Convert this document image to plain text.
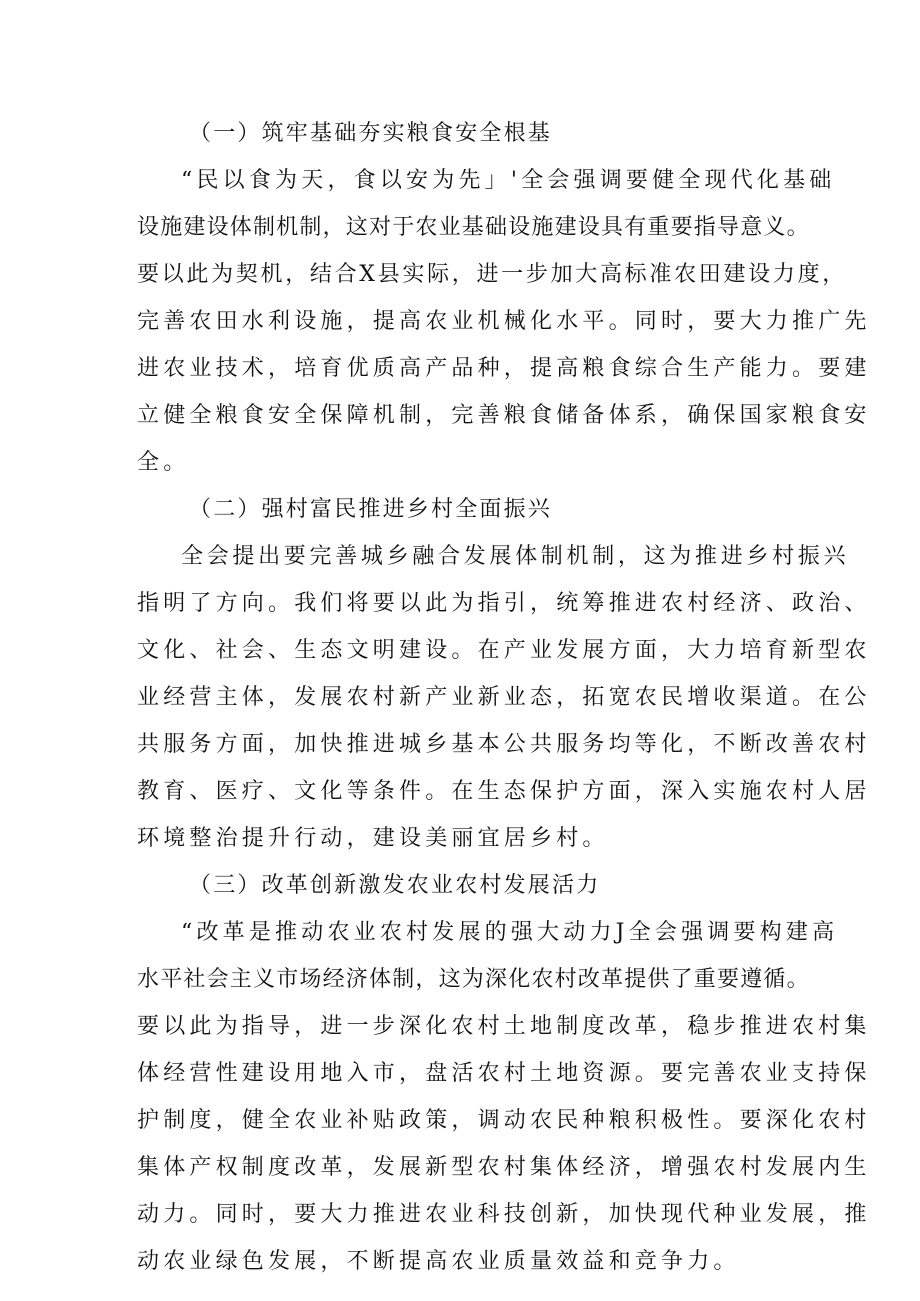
（一）筑牢基础夯实粮食安全根基

“民以食为天，食以安为先」'全会强调要健全现代化基础
设施建设体制机制，这对于农业基础设施建设具有重要指导意义。
要以此为契机，结合X县实际，进一步加大高标准农田建设力度，
完善农田水利设施，提高农业机械化水平。同时，要大力推广先
进农业技术，培育优质高产品种，提高粮食综合生产能力。要建
立健全粮食安全保障机制，完善粮食储备体系，确保国家粮食安
全。

（二）强村富民推进乡村全面振兴

全会提出要完善城乡融合发展体制机制，这为推进乡村振兴
指明了方向。我们将要以此为指引，统筹推进农村经济、政治、
文化、社会、生态文明建设。在产业发展方面，大力培育新型农
业经营主体，发展农村新产业新业态，拓宽农民增收渠道。在公
共服务方面，加快推进城乡基本公共服务均等化，不断改善农村
教育、医疗、文化等条件。在生态保护方面，深入实施农村人居
环境整治提升行动，建设美丽宜居乡村。

（三）改革创新激发农业农村发展活力

“改革是推动农业农村发展的强大动力J全会强调要构建高
水平社会主义市场经济体制，这为深化农村改革提供了重要遵循。
要以此为指导，进一步深化农村土地制度改革，稳步推进农村集
体经营性建设用地入市，盘活农村土地资源。要完善农业支持保
护制度，健全农业补贴政策，调动农民种粮积极性。要深化农村
集体产权制度改革，发展新型农村集体经济，增强农村发展内生
动力。同时，要大力推进农业科技创新，加快现代种业发展，推
动农业绿色发展，不断提高农业质量效益和竞争力。
